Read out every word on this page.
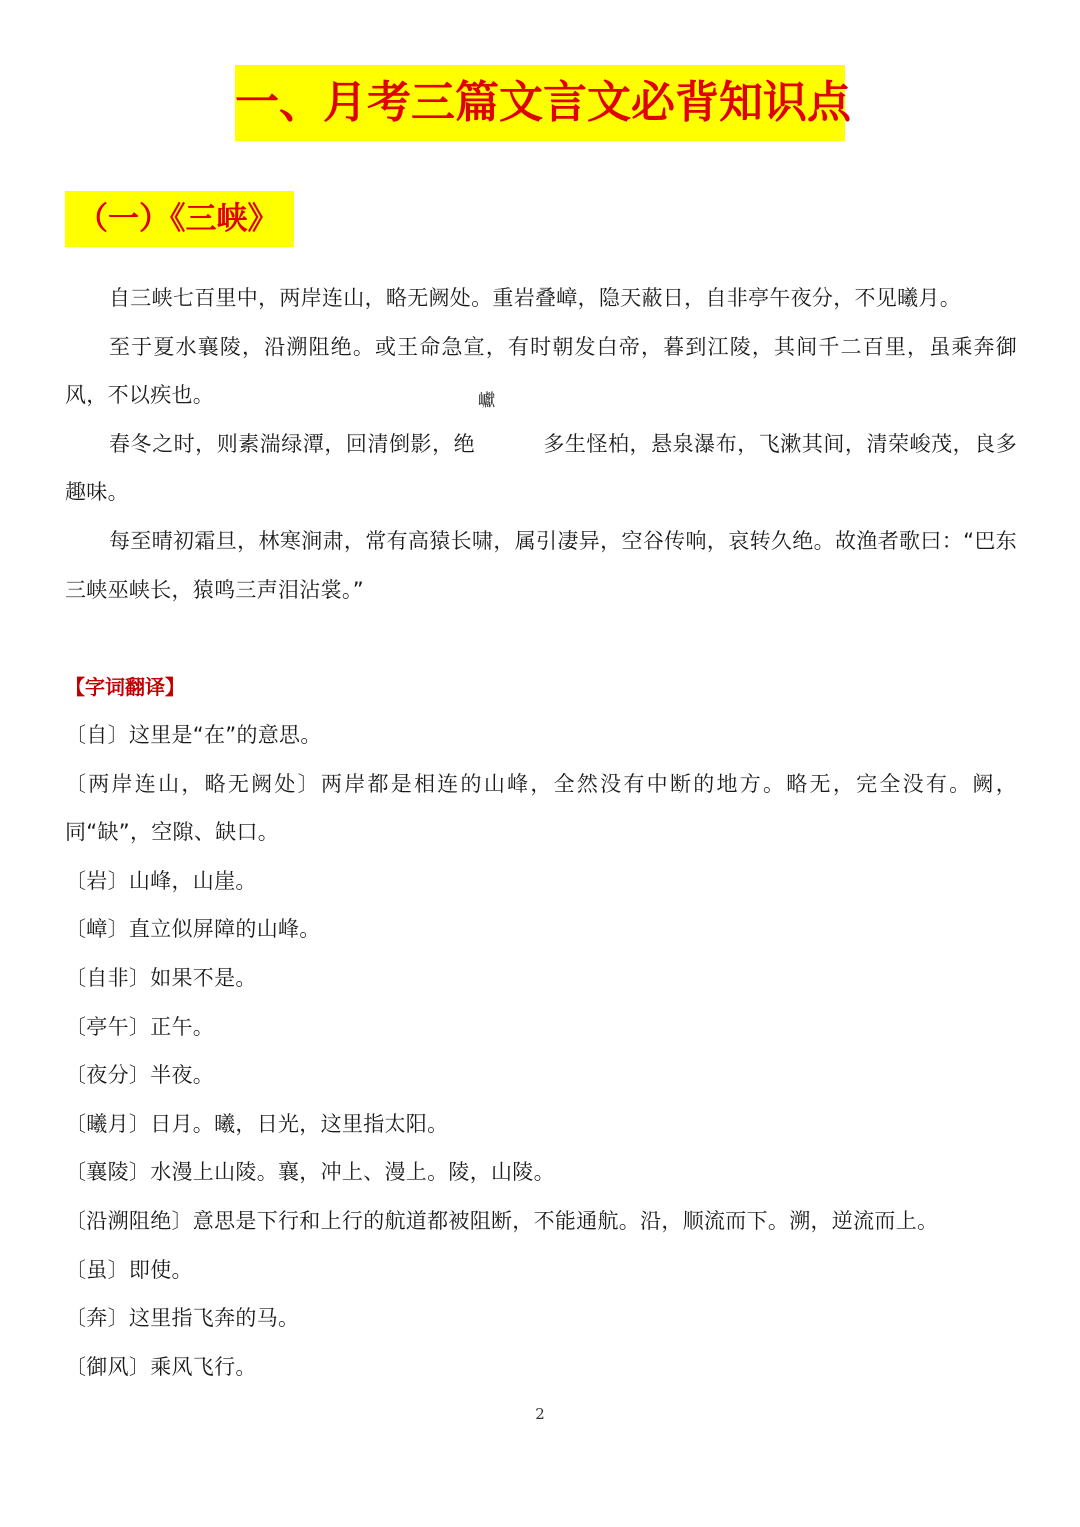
一、月考三篇文言文必背知识点
（一）《三峡》

自三峡七百里中，两岸连山，略无阙处。重岩叠嶂，隐天蔽日，自非亭午夜分，不见曦月。

至于夏水襄陵，沿溯阻绝。或王命急宣，有时朝发白帝，暮到江陵，其间千二百里，虽乘奔御风，不以疾也。

春冬之时，则素湍绿潭，回清倒影，绝
巘
多生怪柏，悬泉瀑布，飞漱其间，清荣峻茂，良多趣味。

每至晴初霜旦，林寒涧肃，常有高猿长啸，属引凄异，空谷传响，哀转久绝。故渔者歌曰：“巴东三峡巫峡长，猿鸣三声泪沾裳。”

【字词翻译】
〔自〕这里是“在”的意思。
〔两岸连山，略无阙处〕两岸都是相连的山峰，全然没有中断的地方。略无，完全没有。阙，同“缺”，空隙、缺口。
〔岩〕山峰，山崖。
〔嶂〕直立似屏障的山峰。
〔自非〕如果不是。
〔亭午〕正午。
〔夜分〕半夜。
〔曦月〕日月。曦，日光，这里指太阳。
〔襄陵〕水漫上山陵。襄，冲上、漫上。陵，山陵。
〔沿溯阻绝〕意思是下行和上行的航道都被阻断，不能通航。沿，顺流而下。溯，逆流而上。
〔虽〕即使。
〔奔〕这里指飞奔的马。
〔御风〕乘风飞行。
2
